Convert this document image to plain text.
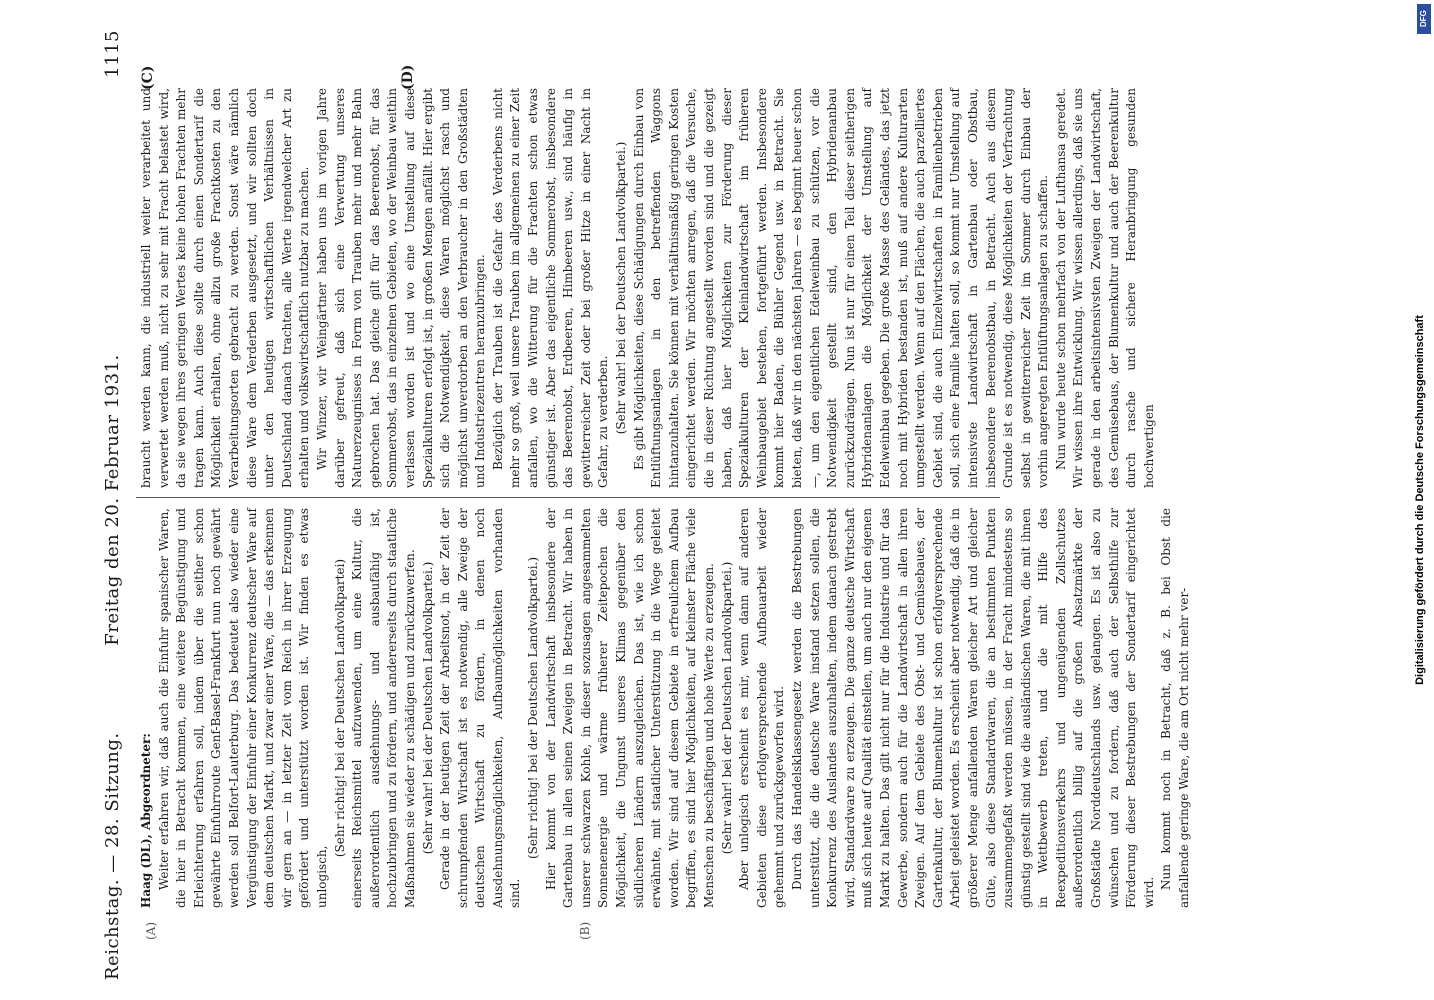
Reichstag. — 28. Sitzung.
Freitag den 20. Februar 1931.
1115
(A)	(B)
(C)	(D)

Haag (DL), Abgeordneter: Weiter erfahren wir, daß auch die Einfuhr spanischer Waren, die hier in Betracht kommen, eine weitere Begünstigung und Erleichterung erfahren soll, indem über die seither schon gewährte Einfuhrroute Genf-Basel-Frankfurt nun noch gewährt werden soll Belfort-Lauterburg. Das bedeutet also wieder eine Vergünstigung der Einfuhr einer Konkurrenz deutscher Ware auf dem deutschen Markt, und zwar einer Ware, die — das erkennen wir gern an — in letzter Zeit vom Reich in ihrer Erzeugung gefördert und unterstützt worden ist. Wir finden es etwas unlogisch,

(Sehr richtig! bei der Deutschen Landvolkpartei) einerseits Reichsmittel aufzuwenden, um eine Kultur, die außerordentlich ausdehnungs- und ausbaufähig ist, hochzubringen und zu fördern, und andererseits durch staatliche Maßnahmen sie wieder zu schädigen und zurückzuwerfen. (Sehr wahr! bei der Deutschen Landvolkpartei.) Gerade in der heutigen Zeit der Arbeitsnot, in der Zeit der schrumpfenden Wirtschaft ist es notwendig, alle Zweige der deutschen Wirtschaft zu fördern, in denen noch Ausdehnungsmöglichkeiten, Aufbaumöglichkeiten vorhanden sind.

(Sehr richtig! bei der Deutschen Landvolkpartei.) Hier kommt von der Landwirtschaft insbesondere der Gartenbau in allen seinen Zweigen in Betracht. Wir haben in unserer schwarzen Kohle, in dieser sozusagen angesammelten Sonnenenergie und wärme früherer Zeitepochen die Möglichkeit, die Ungunst unseres Klimas gegenüber den südlicheren Ländern auszugleichen. Das ist, wie ich schon erwähnte, mit staatlicher Unterstützung in die Wege geleitet worden. Wir sind auf diesem Gebiete in erfreulichem Aufbau begriffen, es sind hier Möglichkeiten, auf kleinster Fläche viele Menschen zu beschäftigen und hohe Werte zu erzeugen. (Sehr wahr! bei der Deutschen Landvolkpartei.) Aber unlogisch erscheint es mir, wenn dann auf anderen Gebieten diese erfolgversprechende Aufbauarbeit wieder gehemmt und zurückgeworfen wird. Durch das Handelsklassengesetz werden die Bestrebungen unterstützt, die die deutsche Ware instand setzen sollen, die Konkurrenz des Auslandes auszuhalten, indem danach gestrebt wird, Standardware zu erzeugen. Die ganze deutsche Wirtschaft muß sich heute auf Qualität einstellen, um auch nur den eigenen Markt zu halten. Das gilt nicht nur für die Industrie und für das Gewerbe, sondern auch für die Landwirtschaft in allen ihren Zweigen. Auf dem Gebiete des Obst- und Gemüsebaues, der Gartenkultur, der Blumenkultur ist schon erfolgversprechende Arbeit geleistet worden. Es erscheint aber notwendig, daß die in größerer Menge anfallenden Waren gleicher Art und gleicher Güte, also diese Standardwaren, die an bestimmten Punkten zusammengefaßt werden müssen, in der Fracht mindestens so günstig gestellt sind wie die ausländischen Waren, die mit ihnen in Wettbewerb treten, und die mit Hilfe des Reexpeditionsverkehrs und ungenügenden Zollschutzes außerordentlich billig auf die großen Absatzmärkte der Großstädte Norddeutschlands usw. gelangen. Es ist also zu wünschen und zu fordern, daß auch der Selbsthilfe zur Förderung dieser Bestrebungen der Sondertarif eingerichtet wird.

Nun kommt noch in Betracht, daß z. B. bei Obst die anfallende geringe Ware, die am Ort nicht mehr ver-

braucht werden kann, die industriell weiter verarbeitet und verwertet werden muß, nicht zu sehr mit Fracht belastet wird, da sie wegen ihres geringen Wertes keine hohen Frachten mehr tragen kann. Auch diese sollte durch einen Sondertarif die Möglichkeit erhalten, ohne allzu große Frachtkosten zu den Verarbeitungsorten gebracht zu werden. Sonst wäre nämlich diese Ware dem Verderben ausgesetzt, und wir sollten doch unter den heutigen wirtschaftlichen Verhältnissen in Deutschland danach trachten, alle Werte irgendwelcher Art zu erhalten und volkswirtschaftlich nutzbar zu machen. Wir Winzer, wir Weingärtner haben uns im vorigen Jahre darüber gefreut, daß sich eine Verwertung unseres Naturerzeugnisses in Form von Trauben mehr und mehr Bahn gebrochen hat. Das gleiche gilt für das Beerenobst, für das Sommerobst, das in einzelnen Gebieten, wo der Weinbau weithin verlassen worden ist und wo eine Umstellung auf diese Spezialkulturen erfolgt ist, in großen Mengen anfällt. Hier ergibt sich die Notwendigkeit, diese Waren möglichst rasch und möglichst unverdorben an den Verbraucher in den Großstädten und Industriezentren heranzubringen. Bezüglich der Trauben ist die Gefahr des Verderbens nicht mehr so groß, weil unsere Trauben im allgemeinen zu einer Zeit anfallen, wo die Witterung für die Frachten schon etwas günstiger ist. Aber das eigentliche Sommerobst, insbesondere das Beerenobst, Erdbeeren, Himbeeren usw., sind häufig in gewitterreicher Zeit oder bei großer Hitze in einer Nacht in Gefahr, zu verderben. (Sehr wahr! bei der Deutschen Landvolkpartei.) Es gibt Möglichkeiten, diese Schädigungen durch Einbau von Entlüftungsanlagen in den betreffenden Waggons hintanzuhalten. Sie können mit verhältnismäßig geringen Kosten eingerichtet werden. Wir möchten anregen, daß die Versuche, die in dieser Richtung angestellt worden sind und die gezeigt haben, daß hier Möglichkeiten zur Förderung dieser Spezialkulturen der Kleinlandwirtschaft im früheren Weinbaugebiet bestehen, fortgeführt werden. Insbesondere kommt hier Baden, die Bühler Gegend usw. in Betracht. Sie bieten, daß wir in den nächsten Jahren — es beginnt heuer schon —, um den eigentlichen Edelweinbau zu schützen, vor die Notwendigkeit gestellt sind, den Hybridenanbau zurückzudrängen. Nun ist nur für einen Teil dieser seitherigen Hybridenanlagen die Möglichkeit der Umstellung auf Edelweinbau gegeben. Die große Masse des Geländes, das jetzt noch mit Hybriden bestanden ist, muß auf andere Kulturarten umgestellt werden. Wenn auf den Flächen, die auch parzelliertes Gebiet sind, die auch Einzelwirtschaften in Familienbetrieben soll, sich eine Familie halten soll, so kommt nur Umstellung auf intensivste Landwirtschaft in Gartenbau oder Obstbau, insbesondere Beerenobstbau, in Betracht. Auch aus diesem Grunde ist es notwendig, diese Möglichkeiten der Verfrachtung selbst in gewitterreicher Zeit im Sommer durch Einbau der vorhin angeregten Entlüftungsanlagen zu schaffen. Nun wurde heute schon mehrfach von der Lufthansa geredet. Wir wissen ihre Entwicklung. Wir wissen allerdings, daß sie uns gerade in den arbeitsintensivsten Zweigen der Landwirtschaft, des Gemüsebaus, der Blumenkultur und auch der Beerenkultur durch rasche und sichere Heranbringung gesunden hochwertigen

DFG
Digitalisierung gefördert durch die Deutsche Forschungsgemeinschaft
